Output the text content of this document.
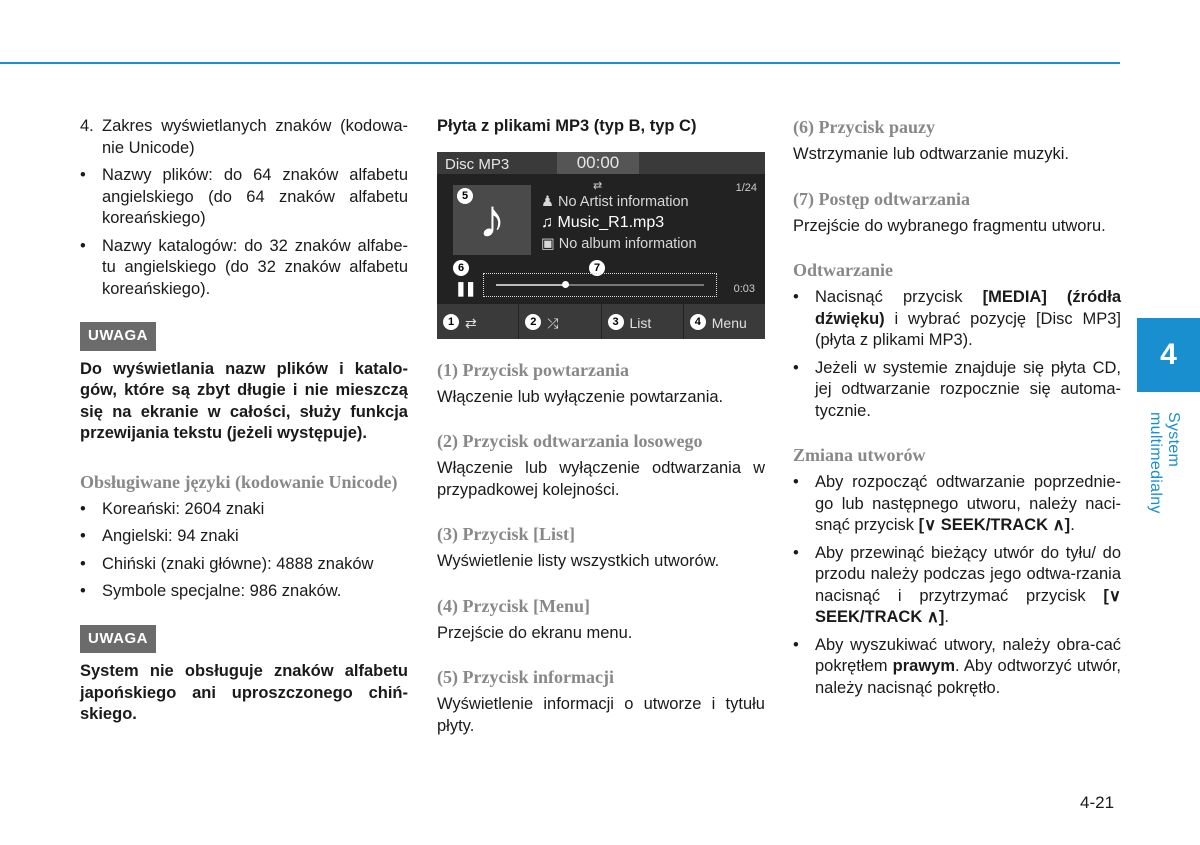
4. Zakres wyświetlanych znaków (kodowa-nie Unicode)
• Nazwy plików: do 64 znaków alfabetu angielskiego (do 64 znaków alfabetu koreańskiego)
• Nazwy katalogów: do 32 znaków alfabe-tu angielskiego (do 32 znaków alfabetu koreańskiego).
UWAGA
Do wyświetlania nazw plików i katalo-gów, które są zbyt długie i nie mieszczą się na ekranie w całości, służy funkcja przewijania tekstu (jeżeli występuje).
Obsługiwane języki (kodowanie Unicode)
• Koreański: 2604 znaki
• Angielski: 94 znaki
• Chiński (znaki główne): 4888 znaków
• Symbole specjalne: 986 znaków.
UWAGA
System nie obsługuje znaków alfabetu japońskiego ani uproszczonego chiń-skiego.
Płyta z plikami MP3 (typ B, typ C)
Disc MP3	00:00
⇄	1/24
♪
5	♟ No Artist information
♫ Music_R1.mp3
▣ No album information
6	7
❚❚	0:03
1 ⇄	2 ⤮	3 List	4 Menu
(1) Przycisk powtarzania
Włączenie lub wyłączenie powtarzania.
(2) Przycisk odtwarzania losowego
Włączenie lub wyłączenie odtwarzania w przypadkowej kolejności.
(3) Przycisk [List]
Wyświetlenie listy wszystkich utworów.
(4) Przycisk [Menu]
Przejście do ekranu menu.
(5) Przycisk informacji
Wyświetlenie informacji o utworze i tytułu płyty.
(6) Przycisk pauzy
Wstrzymanie lub odtwarzanie muzyki.
(7) Postęp odtwarzania
Przejście do wybranego fragmentu utworu.
Odtwarzanie
• Nacisnąć przycisk [MEDIA] (źródła dźwięku) i wybrać pozycję [Disc MP3] (płyta z plikami MP3).
• Jeżeli w systemie znajduje się płyta CD, jej odtwarzanie rozpocznie się automa-tycznie.
Zmiana utworów
• Aby rozpocząć odtwarzanie poprzednie-go lub następnego utworu, należy naci-snąć przycisk [∨ SEEK/TRACK ∧].
• Aby przewinąć bieżący utwór do tyłu/ do przodu należy podczas jego odtwa-rzania nacisnąć i przytrzymać przycisk [∨ SEEK/TRACK ∧].
• Aby wyszukiwać utwory, należy obra-cać pokrętłem prawym. Aby odtworzyć utwór, należy nacisnąć pokrętło.
4
System multimedialny
4-21
